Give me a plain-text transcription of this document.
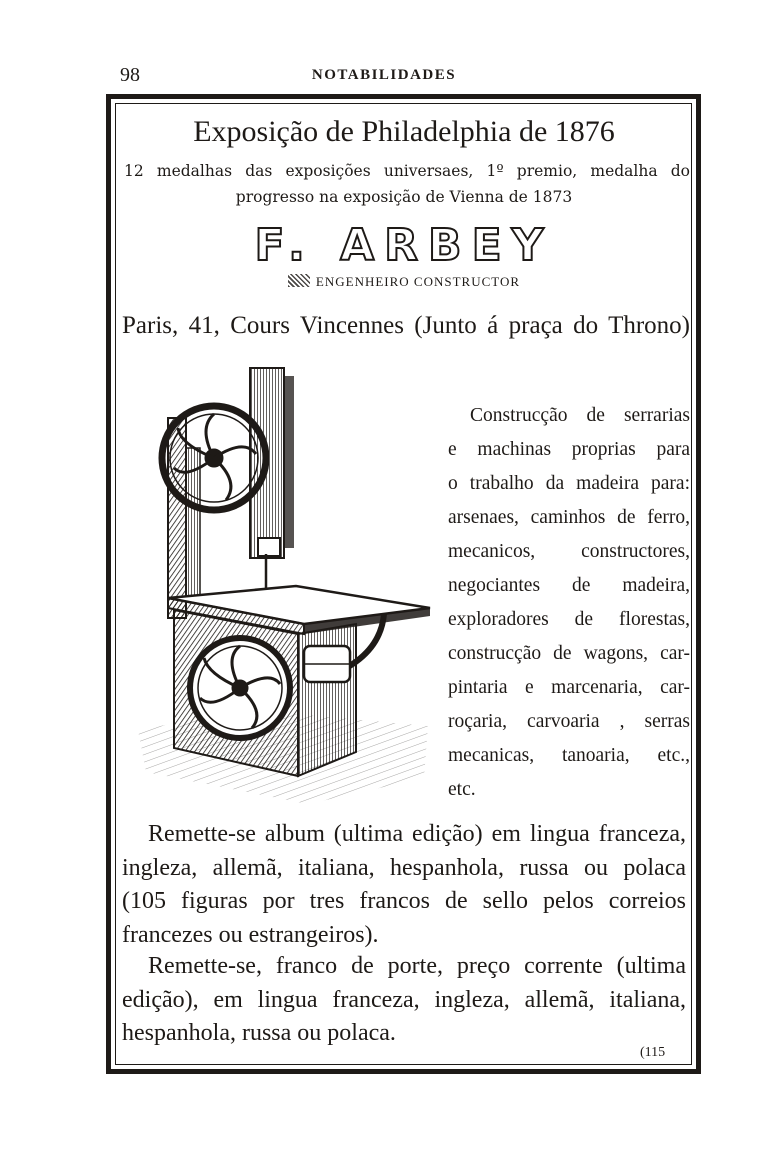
98	NOTABILIDADES
Exposição de Philadelphia de 1876
12 medalhas das exposições universaes, 1º premio, medalha do
progresso na exposição de Vienna de 1873
F. ARBEY
ENGENHEIRO CONSTRUCTOR
Paris, 41, Cours Vincennes (Junto á praça do Throno)
Construcção de serrarias
e machinas proprias para
o trabalho da madeira para:
arsenaes, caminhos de ferro,
mecanicos, constructores,
negociantes de madeira,
exploradores de florestas,
construcção de wagons, car-
pintaria e marcenaria, car-
roçaria, carvoaria , serras
mecanicas, tanoaria, etc.,
etc.
Remette-se album (ultima edição) em lingua franceza,
ingleza, allemã, italiana, hespanhola, russa ou polaca
(105 figuras por tres francos de sello pelos correios
francezes ou estrangeiros).
Remette-se, franco de porte, preço corrente (ultima
edição), em lingua franceza, ingleza, allemã, italiana,
hespanhola, russa ou polaca.
(115
